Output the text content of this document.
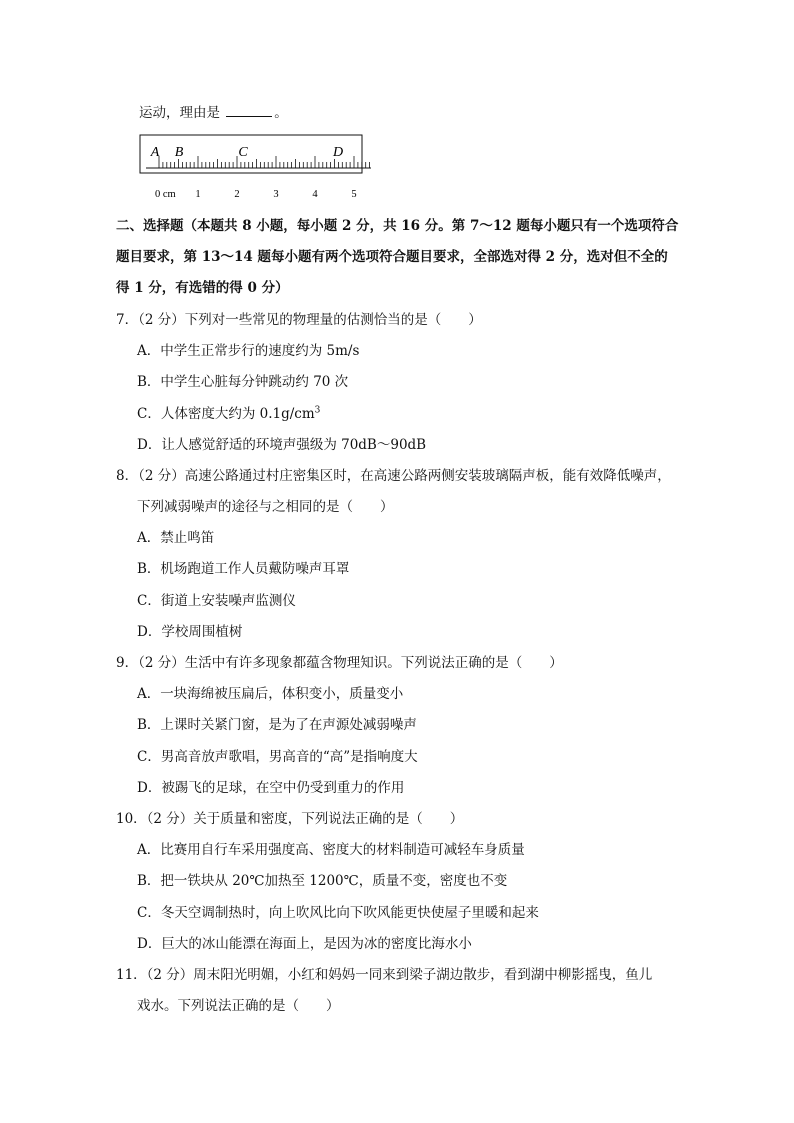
运动，理由是	。
A B	C	D
0 cm 1	2	3	4	5
二、选择题（本题共 8 小题，每小题 2 分，共 16 分。第 7～12 题每小题只有一个选项符合
题目要求，第 13～14 题每小题有两个选项符合题目要求，全部选对得 2 分，选对但不全的
得 1 分，有选错的得 0 分）
7．（2 分）下列对一些常见的物理量的估测恰当的是（　　）
A．中学生正常步行的速度约为 5m/s
B．中学生心脏每分钟跳动约 70 次
C．人体密度大约为 $0.1g/cm^3$
D．让人感觉舒适的环境声强级为 70dB～90dB
8．（2 分）高速公路通过村庄密集区时，在高速公路两侧安装玻璃隔声板，能有效降低噪声，
下列减弱噪声的途径与之相同的是（　　）
A．禁止鸣笛
B．机场跑道工作人员戴防噪声耳罩
C．街道上安装噪声监测仪
D．学校周围植树
9．（2 分）生活中有许多现象都蕴含物理知识。下列说法正确的是（　　）
A．一块海绵被压扁后，体积变小，质量变小
B．上课时关紧门窗，是为了在声源处减弱噪声
C．男高音放声歌唱，男高音的“高”是指响度大
D．被踢飞的足球，在空中仍受到重力的作用
10．（2 分）关于质量和密度，下列说法正确的是（　　）
A．比赛用自行车采用强度高、密度大的材料制造可减轻车身质量
B．把一铁块从 20℃加热至 1200℃，质量不变，密度也不变
C．冬天空调制热时，向上吹风比向下吹风能更快使屋子里暖和起来
D．巨大的冰山能漂在海面上，是因为冰的密度比海水小
11．（2 分）周末阳光明媚，小红和妈妈一同来到梁子湖边散步，看到湖中柳影摇曳，鱼儿
戏水。下列说法正确的是（　　）
